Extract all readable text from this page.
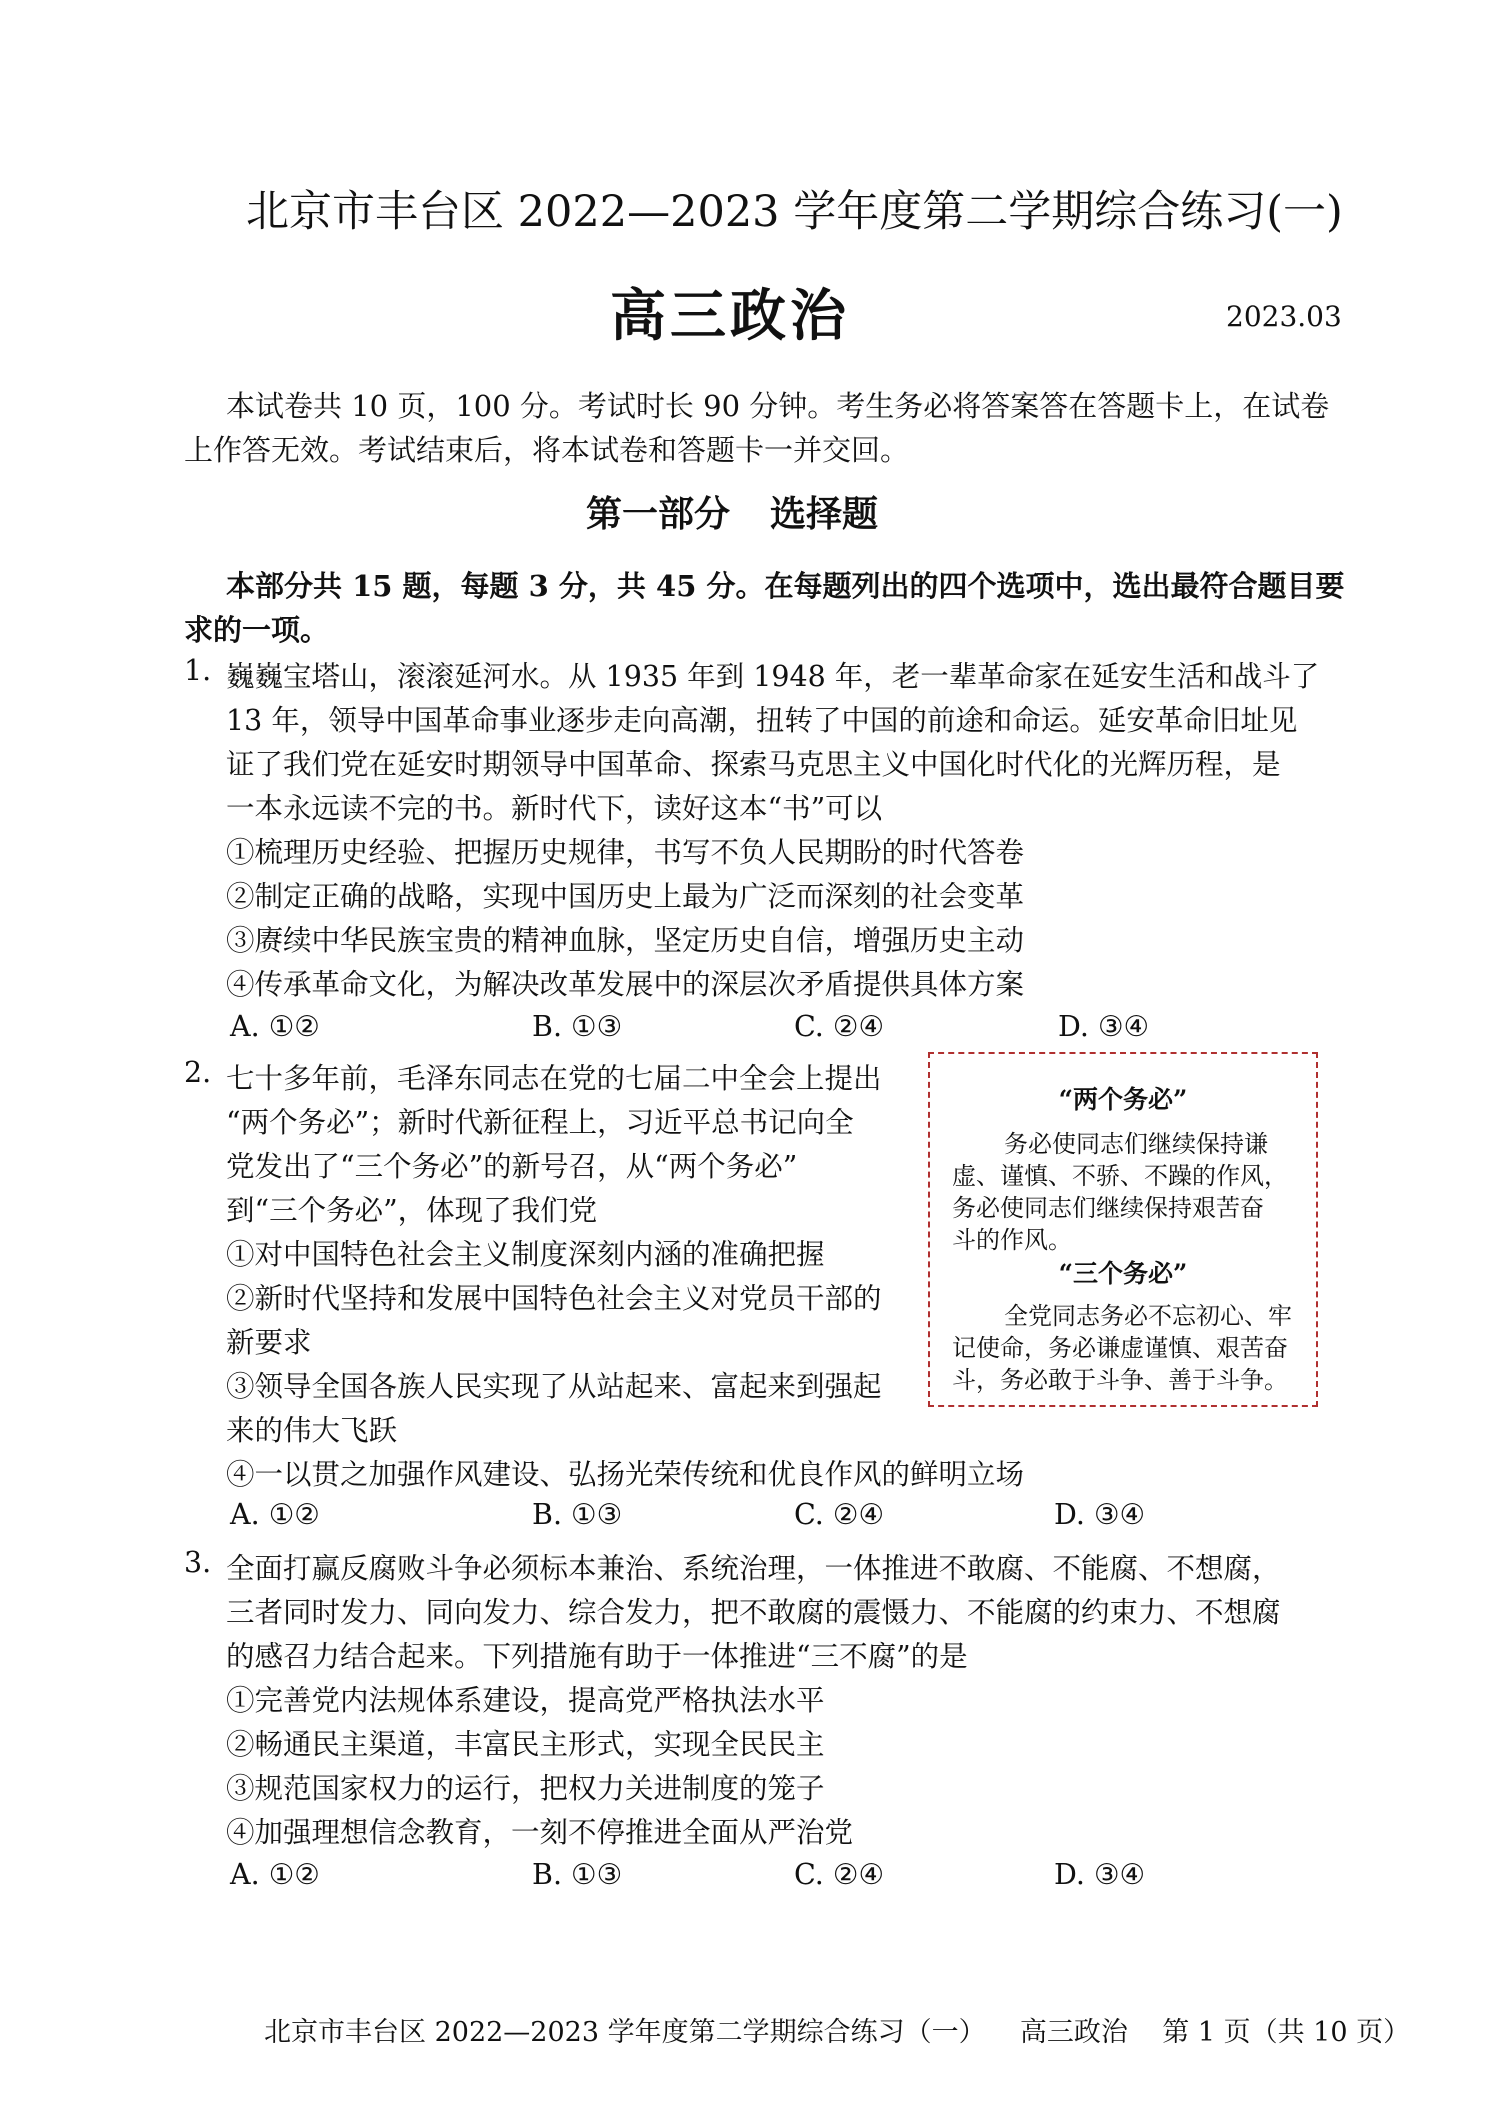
北京市丰台区 2022—2023 学年度第二学期综合练习(一)
高三政治	2023.03
本试卷共 10 页，100 分。考试时长 90 分钟。考生务必将答案答在答题卡上，在试卷
上作答无效。考试结束后，将本试卷和答题卡一并交回。
第一部分 选择题
本部分共 15 题，每题 3 分，共 45 分。在每题列出的四个选项中，选出最符合题目要
求的一项。
1. 巍巍宝塔山，滚滚延河水。从 1935 年到 1948 年，老一辈革命家在延安生活和战斗了
13 年，领导中国革命事业逐步走向高潮，扭转了中国的前途和命运。延安革命旧址见
证了我们党在延安时期领导中国革命、探索马克思主义中国化时代化的光辉历程，是
一本永远读不完的书。新时代下，读好这本“书”可以
①梳理历史经验、把握历史规律，书写不负人民期盼的时代答卷
②制定正确的战略，实现中国历史上最为广泛而深刻的社会变革
③赓续中华民族宝贵的精神血脉，坚定历史自信，增强历史主动
④传承革命文化，为解决改革发展中的深层次矛盾提供具体方案
A. ①②	B. ①③	C. ②④	D. ③④
2. 七十多年前，毛泽东同志在党的七届二中全会上提出
“两个务必”；新时代新征程上，习近平总书记向全
党发出了“三个务必”的新号召，从“两个务必”
到“三个务必”，体现了我们党
①对中国特色社会主义制度深刻内涵的准确把握
②新时代坚持和发展中国特色社会主义对党员干部的
新要求
③领导全国各族人民实现了从站起来、富起来到强起
来的伟大飞跃
④一以贯之加强作风建设、弘扬光荣传统和优良作风的鲜明立场
A. ①②	B. ①③	C. ②④	D. ③④
“两个务必”
务必使同志们继续保持谦
虚、谨慎、不骄、不躁的作风，
务必使同志们继续保持艰苦奋
斗的作风。
“三个务必”
全党同志务必不忘初心、牢
记使命，务必谦虚谨慎、艰苦奋
斗，务必敢于斗争、善于斗争。
3. 全面打赢反腐败斗争必须标本兼治、系统治理，一体推进不敢腐、不能腐、不想腐，
三者同时发力、同向发力、综合发力，把不敢腐的震慑力、不能腐的约束力、不想腐
的感召力结合起来。下列措施有助于一体推进“三不腐”的是
①完善党内法规体系建设，提高党严格执法水平
②畅通民主渠道，丰富民主形式，实现全民民主
③规范国家权力的运行，把权力关进制度的笼子
④加强理想信念教育，一刻不停推进全面从严治党
A. ①②	B. ①③	C. ②④	D. ③④
北京市丰台区 2022—2023 学年度第二学期综合练习（一）    高三政治    第 1 页（共 10 页）
